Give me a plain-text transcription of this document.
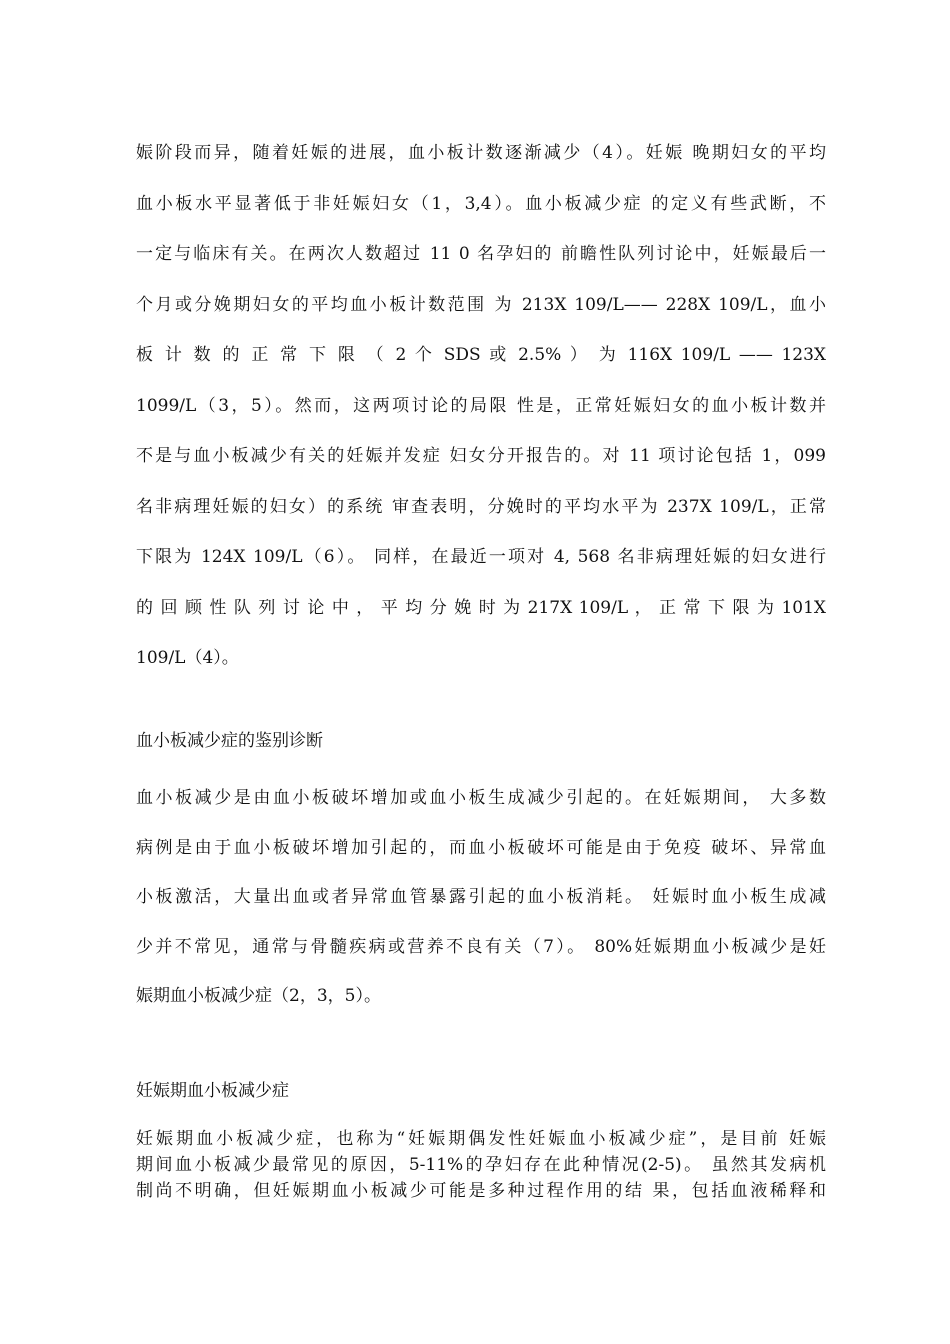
娠阶段而异，随着妊娠的进展，血小板计数逐渐减少（4）。妊娠 晚期妇女的平均
血小板水平显著低于非妊娠妇女（1，3,4）。血小板减少症 的定义有些武断，不
一定与临床有关。在两次人数超过 11 0 名孕妇的 前瞻性队列讨论中，妊娠最后一
个月或分娩期妇女的平均血小板计数范围 为 213X 109/L—— 228X 109/L，血小
板 计 数 的 正 常 下 限 （ 2 个 SDS 或 2.5% ） 为 116X 109/L —— 123X
1099/L（3，5）。然而，这两项讨论的局限 性是，正常妊娠妇女的血小板计数并
不是与血小板减少有关的妊娠并发症 妇女分开报告的。对 11 项讨论包括 1，099
名非病理妊娠的妇女）的系统 审查表明，分娩时的平均水平为 237X 109/L，正常
下限为 124X 109/L（6）。 同样，在最近一项对 4, 568 名非病理妊娠的妇女进行
的 回 顾 性 队 列 讨 论 中 ， 平 均 分 娩 时 为 217X 109/L ， 正 常 下 限 为 101X
109/L（4）。
血小板减少症的鉴别诊断
血小板减少是由血小板破坏增加或血小板生成减少引起的。在妊娠期间， 大多数
病例是由于血小板破坏增加引起的，而血小板破坏可能是由于免疫 破坏、异常血
小板激活，大量出血或者异常血管暴露引起的血小板消耗。 妊娠时血小板生成减
少并不常见，通常与骨髓疾病或营养不良有关（7）。 80%妊娠期血小板减少是妊
娠期血小板减少症（2，3，5）。
妊娠期血小板减少症
妊娠期血小板减少症，也称为“妊娠期偶发性妊娠血小板减少症”，是目前 妊娠
期间血小板减少最常见的原因，5-11%的孕妇存在此种情况(2-5)。 虽然其发病机
制尚不明确，但妊娠期血小板减少可能是多种过程作用的结 果，包括血液稀释和
